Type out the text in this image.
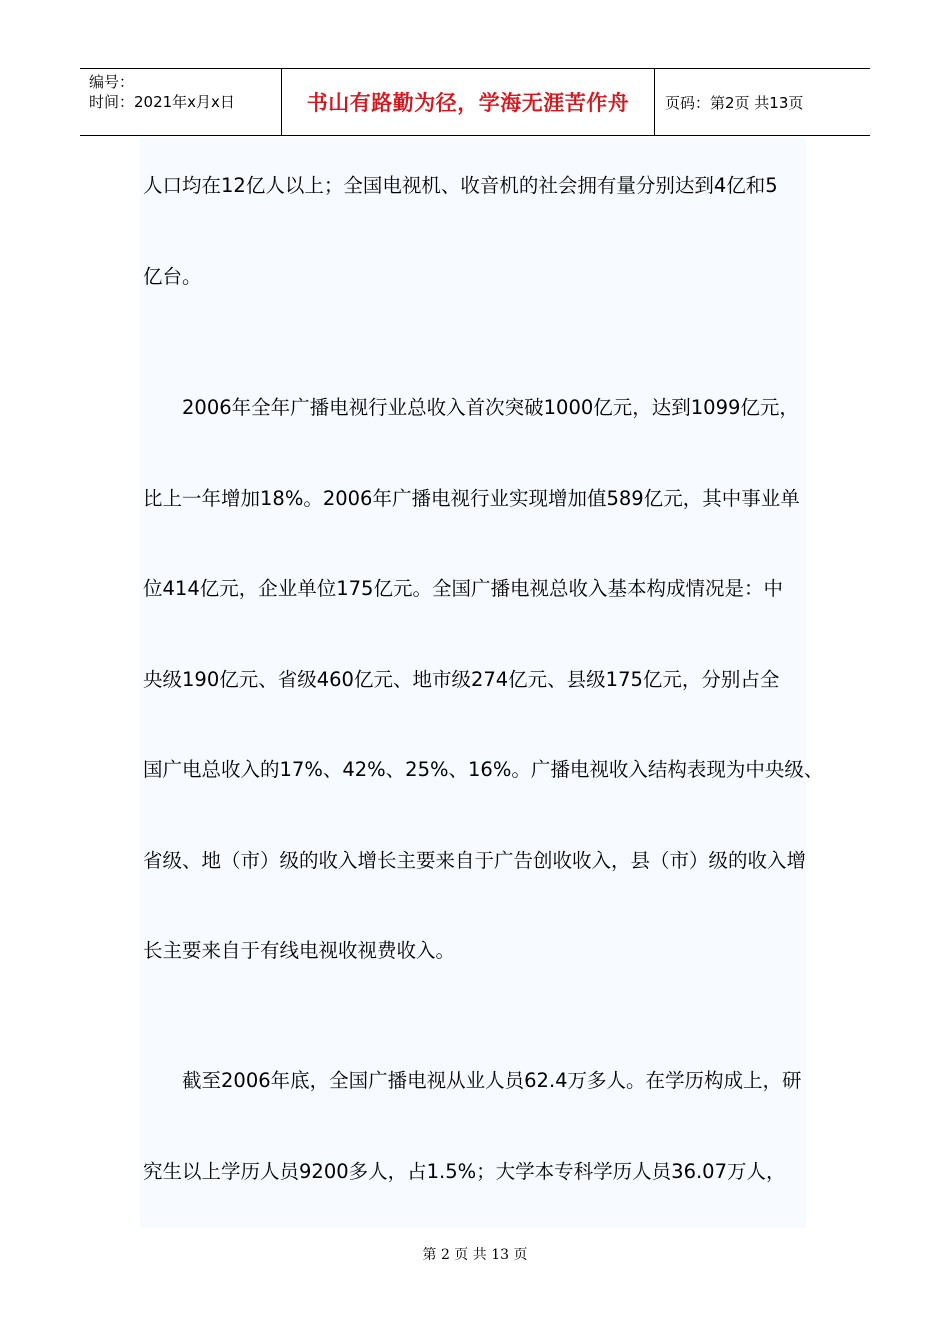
编号：
时间：2021年x月x日	书山有路勤为径，学海无涯苦作舟 页码：第2页 共13页
人口均在12亿人以上；全国电视机、收音机的社会拥有量分别达到4亿和5
亿台。
2006年全年广播电视行业总收入首次突破1000亿元，达到1099亿元，
比上一年增加18%。2006年广播电视行业实现增加值589亿元，其中事业单
位414亿元，企业单位175亿元。全国广播电视总收入基本构成情况是：中
央级190亿元、省级460亿元、地市级274亿元、县级175亿元，分别占全
国广电总收入的17%、42%、25%、16%。广播电视收入结构表现为中央级、
省级、地（市）级的收入增长主要来自于广告创收收入，县（市）级的收入增
长主要来自于有线电视收视费收入。
截至2006年底，全国广播电视从业人员62.4万多人。在学历构成上，研
究生以上学历人员9200多人，占1.5%；大学本专科学历人员36.07万人，
第 2 页 共 13 页
